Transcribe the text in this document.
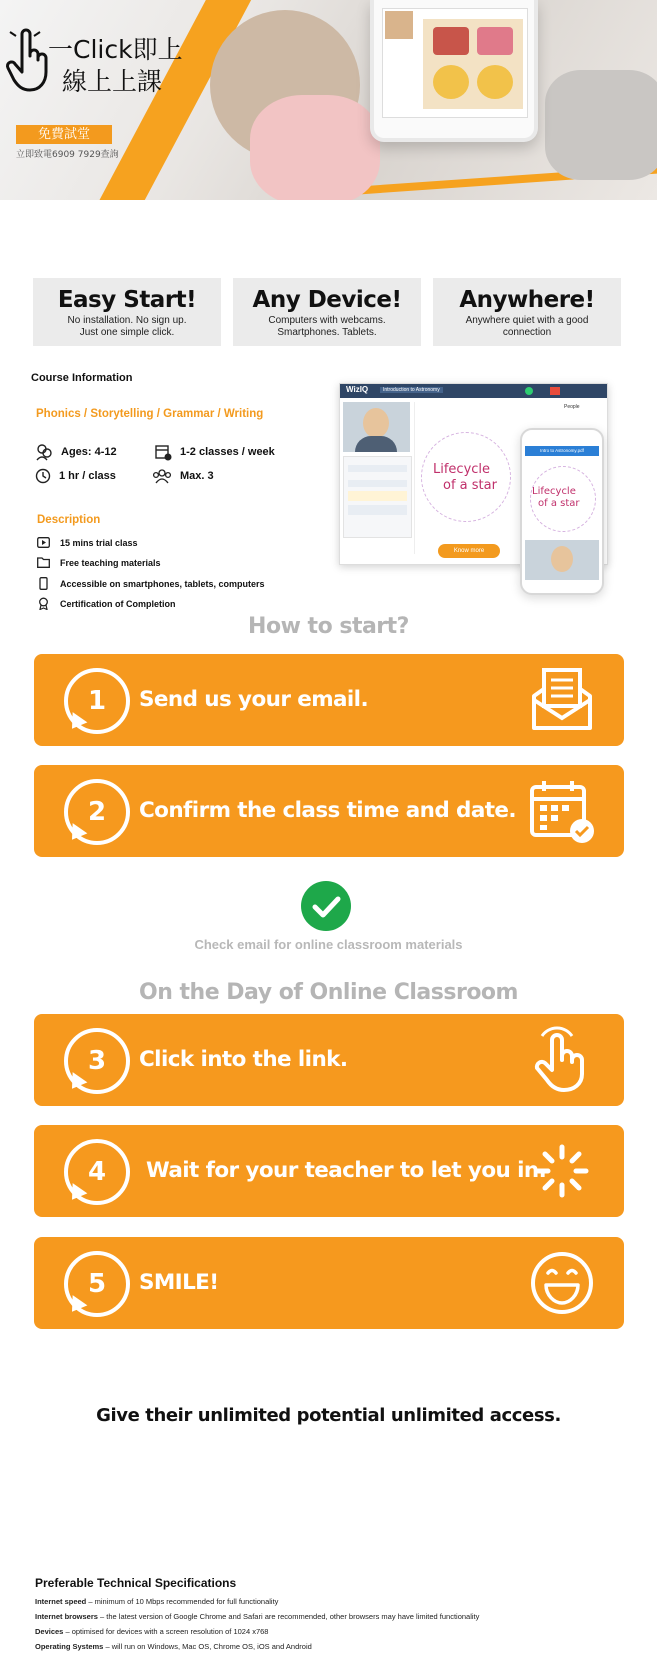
一Click即上
線上上課
免費試堂
立即致電6909 7929查詢
Easy Start!
No installation. No sign up.
Just one simple click.
Any Device!
Computers with webcams.
Smartphones. Tablets.
Anywhere!
Anywhere quiet with a good
connection
Course Information
Phonics / Storytelling / Grammar / Writing
Ages: 4-12	1-2 classes / week
1 hr / class	Max. 3
Description
15 mins trial class
Free teaching materials
Accessible on smartphones, tablets, computers
Certification of Completion
WizIQ	Introduction to Astronomy
Lifecycle
of a star
Know more
People
Intro to Astronomy.pdf
Lifecycle
of a star
How to start?
1	Send us your email.
2	Confirm the class time and date.
Check email for online classroom materials
On the Day of Online Classroom
3	Click into the link.
4	Wait for your teacher to let you in.
5	SMILE!
Give their unlimited potential unlimited access.
Preferable Technical Specifications
Internet speed – minimum of 10 Mbps recommended for full functionality
Internet browsers – the latest version of Google Chrome and Safari are recommended, other browsers may have limited functionality
Devices – optimised for devices with a screen resolution of 1024 x768
Operating Systems – will run on Windows, Mac OS, Chrome OS, iOS and Android
